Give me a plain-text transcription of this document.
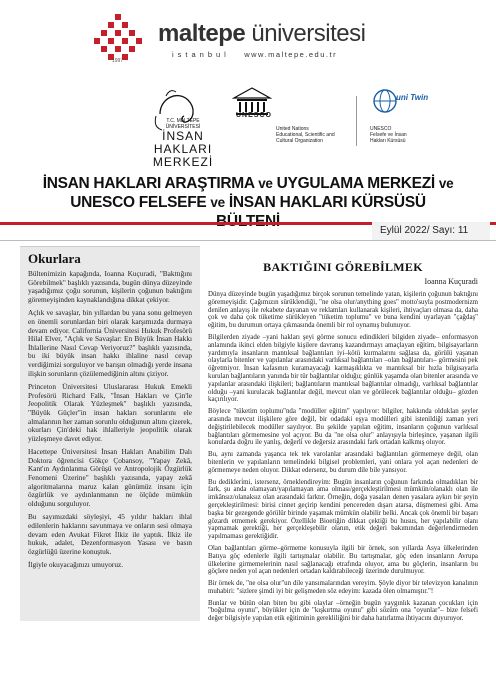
1997
maltepe üniversitesi
istanbul www.maltepe.edu.tr
T.C. MALTEPE ÜNİVERSİTESİ
İNSAN
HAKLARI
MERKEZİ
UNESCO
United Nations
Educational, Scientific and
Cultural Organization
uni Twin
UNESCO
Felsefe ve İnsan
Hakları Kürsüsü
İNSAN HAKLARI ARAŞTIRMA ve UYGULAMA MERKEZİ ve
UNESCO FELSEFE ve İNSAN HAKLARI KÜRSÜSÜ
Eylül 2022/ Sayı: 11
Okurlara

Bültenimizin kapağında, Ioanna Kuçuradi, "Bakttığını Görebilmek" başlıklı yazısında, bugün dünya düzeyinde yaşadığımız çoğu sorunun, kişilerin çoğunun baktığını göremeyişinden kaynaklandığına dikkat çekiyor.

Açlık ve savaşlar, bin yıllardan bu yana sonu gelmeyen en önemli sorunlardan biri olarak karşımızda durmaya devam ediyor. California Üniversitesi Hukuk Profesörü Hilal Elver, "Açlık ve Savaşlar: En Büyük İnsan Hakkı İhlallerine Nasıl Cevap Veriyoruz?" başlıklı yazısında, bu iki büyük insan hakkı ihlaline nasıl cevap verdiğimizi sorguluyor ve barışın olmadığı yerde insana ilişkin sorunların çözülemediğinin altını çiziyor.

Princeton Üniversitesi Uluslararası Hukuk Emekli Profesörü Richard Falk, "İnsan Hakları ve Çin'le Jeopolitik Olarak Yüzleşmek" başlıklı yazısında, "Büyük Güçler"in insan hakları sorunlarını ele almalarının her zaman sorunlu olduğunun altını çizerek, okurları Çin'deki hak ihlalleriyle jeopolitik olarak yüzleşmeye davet ediyor.

Hacettepe Üniversitesi İnsan Hakları Anabilim Dalı Doktora öğrencisi Gökçe Çobansoy, "Yapay Zekâ, Kant'ın Aydınlanma Görüşü ve Antropolojik Özgürlük Fenomeni Üzerine" başlıklı yazısında, yapay zekâ algoritmalarına maruz kalan günümüz insanı için özgürlük ve aydınlanmanın ne ölçüde mümkün olduğunu sorguluyor.

Bu sayımızdaki söyleşiyi, 45 yıldır hakları ihlal edilenlerin haklarını savunmaya ve onların sesi olmaya devam eden Avukat Fikret İlkiz ile yaptık. İlkiz ile hukuk, adalet, Dezenformasyon Yasası ve basın özgürlüğü üzerine konuştuk.

İlgiyle okuyacağınızı umuyoruz.

BAKTIĞINI GÖREBİLMEK
Ioanna Kuçuradi

Dünya düzeyinde bugün yaşadığımız birçok sorunun temelinde yatan, kişilerin çoğunun baktığını göremeyişidir. Çağımızın sürüklendiği, "ne olsa olur/anything goes" motto'suyla postmodernizm denilen anlayış ile rekabete dayanan ve reklamları kullanarak kişileri, ihtiyaçları olmasa da, daha çok ve daha çok tüketime sürükleyen "tüketim toplumu" ve buna kendini uyarlayan "çağdaş" eğitim, bu durumun ortaya çıkmasında önemli bir rol oynamış bulunuyor.

Bilgilerden ziyade –yani hakları şeyi görme sonucu edindikleri bilgiden ziyade– enformasyon anlamında ikinci elden bilgiyle kişilere davranış kazandırmayı amaçlayan eğitim, bilgisayarların yardımıyla insanların mantıksal bağlantıları iyi–kötü kurmalarını sağlasa da, görülü yaşanan olaylarla bitenler ve yapılanlar arasındaki varlıksal bağlantıları –olan bağlantıları– görmesini pek öğretmiyor. İnsan kafasının kuramayacağı karmaşıklıkta ve mantıksal bir hızla bilgisayarla kurulan bağlantıların yanında bir tür bağlantılar olduğu; günlük yaşamda olan bitenler arasında ve yapılanlar arasındaki ilişkileri; bağlantıların mantıksal bağlantılar olmadığı, varlıksal bağlantılar olduğu –yani kurulacak bağlantılar değil, mevcut olan ve görülecek bağlantılar olduğu– gözden kaçırılıyor.

Böylece "tüketim toplumu"nda "modüller eğitim" yapılıyor: bilgiler, hakkında olduklan şeyler arasında mevcut ilişkilere göre değil, bir odadaki eşya modülleri gibi istenildiği zaman yeri değiştirilebilecek modüller sayılıyor. Bu şekilde yapılan eğitim, insanların çoğunun varlıksal bağlantıları görmemesine yol açıyor. Bu da "ne olsa olur" anlayışıyla birleşince, yaşanan ilgili konularda doğru ile yanlış, değerli ve değersiz arasındaki fark ortadan kalkmış oluyor.

Bu, aynı zamanda yaşanca tek tek varolanlar arasındaki bağlantıları görmemeye değil, olan bitenlerin ve yapılanların temelindeki bilgisel problemleri, yani onlara yol açan nedenleri de görmemeye neden oluyor. Dikkat edersenz, bu durum dile bile yansıyor.

Bu dedikleri̇mi, istersenz, örneklendireyim: Bugün insanların çoğunun farkında olmadıkları bir fark, şu anda olamayan/yapılamayan ama olması/gerçekleştirilmesi mümkün/olanaklı olan ile imkânsız/olanaksız olan arasındaki farktır. Örneğin, doğa yasaları denen yasalara aykırı bir şeyin gerçekleştirilmesi: birisi cinnet geçirip kendini pencereden dışarı atarsa, düşmemesi gibi. Ama başka bir gezegende görülür birinde yaşamak mümkün olabilir belki. Ancak çok önemli bir başarı gözardı etmemek gerekiyor. Özellikle Bioetiğin dikkat çektiği bu husus, her yapılabilir olanı yapmamak gerektiği, her gerçekleşebilir olanın, etik değeri bakımından değerlendirmeden yapılmaması gerektiğidir.

Olan bağlantıları görme–görmeme konusuyla ilgili bir örnek, son yıllarda Asya ülkelerinden Batıya göç edenlerle ilgili tartışmalar olabilir. Bu tartışmalar, göç eden insanların Avrupa ülkelerine girmemelerinin nasıl sağlanacağı etrafında oluyor, ama bu göçlerin, insanların bu göçlere neden yol açan nedenleri ortadan kaldırabileceği üzerinde durulmuyor.

Bir örnek de, "ne olsa olur"un dile yansımalarından vereyim. Şöyle diyor bir televizyon kanalının muhabiri: "sizlere şimdi iyi bir gelişmeden söz edeyim: kazada ölen olmamıştır."!

Bunlar ve bütün olan biten bu gibi olaylar –örneğin bugün yaygınlık kazanan çocukları için "boğulma oyunu", büyükler için de "kışkırtma oyunu" gibi sözüm ona "oyunlar"– bize felsefi değer bilgisiyle yapılan etik eğitiminin gerekliliğini bir daha hatırlatma ihtiyacını duyuruyor.
